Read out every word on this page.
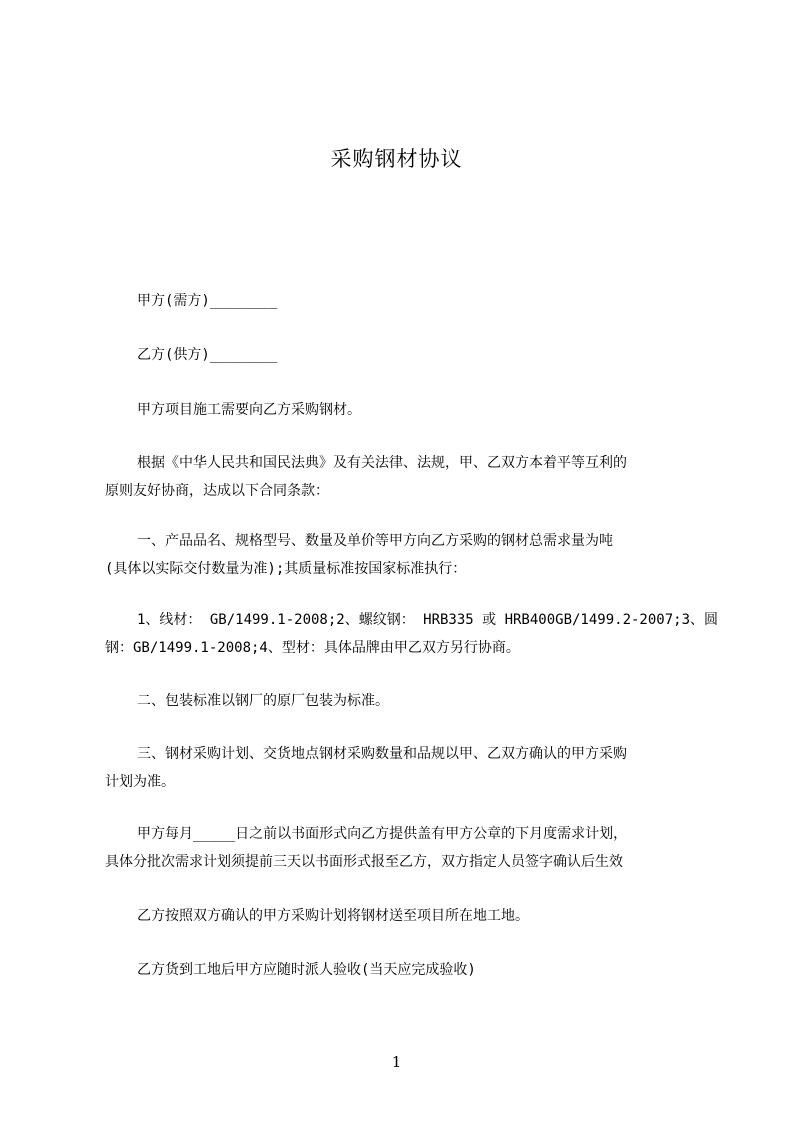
采购钢材协议
甲方(需方)________
乙方(供方)________
甲方项目施工需要向乙方采购钢材。
根据《中华人民共和国民法典》及有关法律、法规，甲、乙双方本着平等互利的
原则友好协商，达成以下合同条款：
一、产品品名、规格型号、数量及单价等甲方向乙方采购的钢材总需求量为吨
(具体以实际交付数量为准);其质量标准按国家标准执行：
1、线材： GB/1499.1-2008;2、螺纹钢： HRB335 或 HRB400GB/1499.2-2007;3、圆
钢：GB/1499.1-2008;4、型材：具体品牌由甲乙双方另行协商。
二、包装标准以钢厂的原厂包装为标准。
三、钢材采购计划、交货地点钢材采购数量和品规以甲、乙双方确认的甲方采购
计划为准。
甲方每月_____日之前以书面形式向乙方提供盖有甲方公章的下月度需求计划，
具体分批次需求计划须提前三天以书面形式报至乙方，双方指定人员签字确认后生效
乙方按照双方确认的甲方采购计划将钢材送至项目所在地工地。
乙方货到工地后甲方应随时派人验收(当天应完成验收)
1
